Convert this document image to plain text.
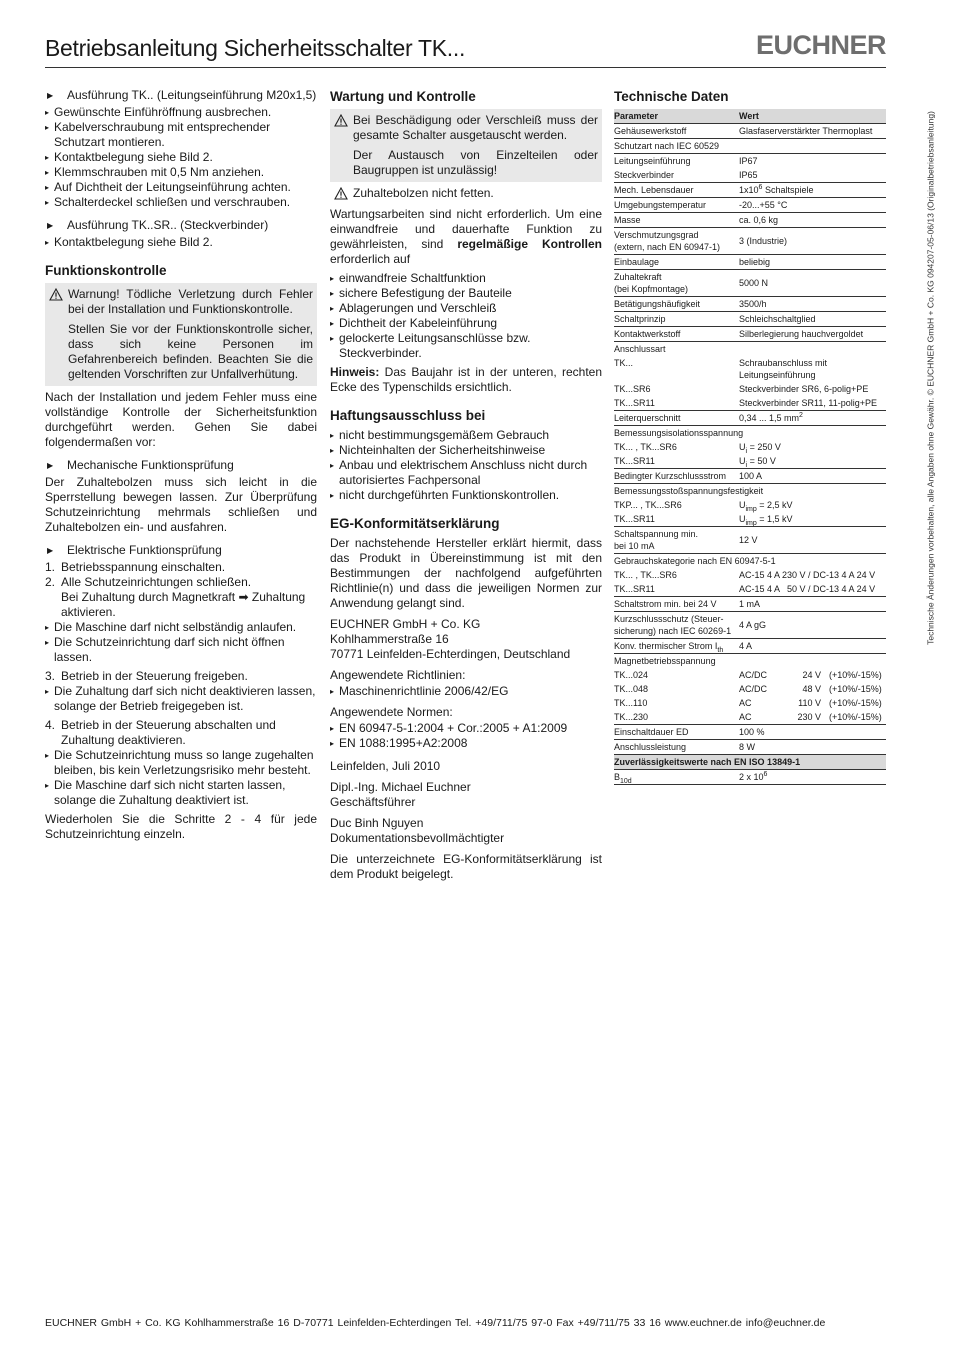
Betriebsanleitung Sicherheitsschalter TK...	EUCHNER
▶ Ausführung TK.. (Leitungseinführung M20x1,5)
▸ Gewünschte Einführöffnung ausbrechen.
▸ Kabelverschraubung mit entsprechender Schutzart montieren.
▸ Kontaktbelegung siehe Bild 2.
▸ Klemmschrauben mit 0,5 Nm anziehen.
▸ Auf Dichtheit der Leitungseinführung achten.
▸ Schalterdeckel schließen und verschrauben.
▶ Ausführung TK..SR.. (Steckverbinder)
▸ Kontaktbelegung siehe Bild 2.
Funktionskontrolle

Warnung! Tödliche Verletzung durch Fehler bei der Installation und Funktionskontrolle.

Stellen Sie vor der Funktionskontrolle sicher, dass sich keine Personen im Gefahrenbereich befinden. Beachten Sie die geltenden Vorschriften zur Unfallverhütung.

Nach der Installation und jedem Fehler muss eine vollständige Kontrolle der Sicherheitsfunktion durchgeführt werden. Gehen Sie dabei folgendermaßen vor:

▶ Mechanische Funktionsprüfung

Der Zuhaltebolzen muss sich leicht in die Sperrstellung bewegen lassen. Zur Überprüfung Schutzeinrichtung mehrmals schließen und Zuhaltebolzen ein- und ausfahren.

▶ Elektrische Funktionsprüfung
1. Betriebsspannung einschalten.
2. Alle Schutzeinrichtungen schließen.
Bei Zuhaltung durch Magnetkraft ➡ Zuhaltung aktivieren.
▸ Die Maschine darf nicht selbständig anlaufen.
▸ Die Schutzeinrichtung darf sich nicht öffnen lassen.
3. Betrieb in der Steuerung freigeben.
▸ Die Zuhaltung darf sich nicht deaktivieren lassen, solange der Betrieb freigegeben ist.
4. Betrieb in der Steuerung abschalten und Zuhaltung deaktivieren.
▸ Die Schutzeinrichtung muss so lange zugehalten bleiben, bis kein Verletzungsrisiko mehr besteht.
▸ Die Maschine darf sich nicht starten lassen, solange die Zuhaltung deaktiviert ist.

Wiederholen Sie die Schritte 2 - 4 für jede Schutzeinrichtung einzeln.

Wartung und Kontrolle

Bei Beschädigung oder Verschleiß muss der gesamte Schalter ausgetauscht werden.

Der Austausch von Einzelteilen oder Baugruppen ist unzulässig!

Zuhaltebolzen nicht fetten.

Wartungsarbeiten sind nicht erforderlich. Um eine einwandfreie und dauerhafte Funktion zu gewährleisten, sind regelmäßige Kontrollen erforderlich auf

▸ einwandfreie Schaltfunktion
▸ sichere Befestigung der Bauteile
▸ Ablagerungen und Verschleiß
▸ Dichtheit der Kabeleinführung
▸ gelockerte Leitungsanschlüsse bzw. Steckverbinder.

Hinweis: Das Baujahr ist in der unteren, rechten Ecke des Typenschilds ersichtlich.

Haftungsausschluss bei
▸ nicht bestimmungsgemäßem Gebrauch
▸ Nichteinhalten der Sicherheitshinweise
▸ Anbau und elektrischem Anschluss nicht durch autorisiertes Fachpersonal
▸ nicht durchgeführten Funktionskontrollen.
EG-Konformitätserklärung

Der nachstehende Hersteller erklärt hiermit, dass das Produkt in Übereinstimmung ist mit den Bestimmungen der nachfolgend aufgeführten Richtlinie(n) und dass die jeweiligen Normen zur Anwendung gelangt sind.

EUCHNER GmbH + Co. KG
Kohlhammerstraße 16
70771 Leinfelden-Echterdingen, Deutschland

Angewendete Richtlinien:

▸ Maschinenrichtlinie 2006/42/EG

Angewendete Normen:

▸ EN 60947-5-1:2004 + Cor.:2005 + A1:2009
▸ EN 1088:1995+A2:2008

Leinfelden, Juli 2010

Dipl.-Ing. Michael Euchner
Geschäftsführer

Duc Binh Nguyen
Dokumentationsbevollmächtigter

Die unterzeichnete EG-Konformitätserklärung ist dem Produkt beigelegt.

Technische Daten
Parameter	Wert
Gehäusewerkstoff	Glasfaserverstärkter Thermoplast
Schutzart nach IEC 60529	
Leitungseinführung	IP67
Steckverbinder	IP65
Mech. Lebensdauer	$1x10^6$ Schaltspiele
Umgebungstemperatur	-20...+55 °C
Masse	ca. 0,6 kg
Verschmutzungsgrad
(extern, nach EN 60947-1)	3 (Industrie)
Einbaulage	beliebig
Zuhaltekraft
(bei Kopfmontage)	5000 N
Betätigungshäufigkeit	3500/h
Schaltprinzip	Schleichschaltglied
Kontaktwerkstoff	Silberlegierung hauchvergoldet
Anschlussart	
TK...	Schraubanschluss mit Leitungseinführung
TK...SR6	Steckverbinder SR6, 6-polig+PE
TK...SR11	Steckverbinder SR11, 11-polig+PE
Leiterquerschnitt	0,34 ... 1,5 $mm^2$
Bemessungsisolationsspannung	
TK... , TK...SR6	$U_i = 250$ V
TK...SR11	$U_i = 50$ V
Bedingter Kurzschlussstrom	100 A
Bemessungsstoßspannungsfestigkeit	
TKP... , TK...SR6	$U_{imp} = 2,5$ kV
TK...SR11	$U_{imp} = 1,5$ kV
Schaltspannung min.
bei 10 mA	12 V
Gebrauchskategorie nach EN 60947-5-1	
TK... , TK...SR6	AC-15 4 A 230 V / DC-13 4 A 24 V
TK...SR11	AC-15 4 A   50 V / DC-13 4 A 24 V
Schaltstrom min. bei 24 V	1 mA
Kurzschlussschutz (Steuer-
sicherung) nach IEC 60269-1	4 A gG
Konv. thermischer Strom $I_{th}$	4 A
Magnetbetriebsspannung	
TK...024	AC/DC 24 V (+10%/-15%)

TK...048	AC/DC 48 V (+10%/-15%)

TK...110	AC 110 V (+10%/-15%)

TK...230	AC 230 V (+10%/-15%)

Einschaltdauer ED	100 %
Anschlussleistung	8 W
Zuverlässigkeitswerte nach EN ISO 13849-1	
$B_{10d}$	2 x $10^6$
Technische Änderungen vorbehalten, alle Angaben ohne Gewähr. © EUCHNER GmbH + Co. KG 094207-05-06/13 (Originalbetriebsanleitung)
EUCHNER GmbH + Co. KG Kohlhammerstraße 16 D-70771 Leinfelden-Echterdingen Tel. +49/711/75 97-0 Fax +49/711/75 33 16 www.euchner.de info@euchner.de
